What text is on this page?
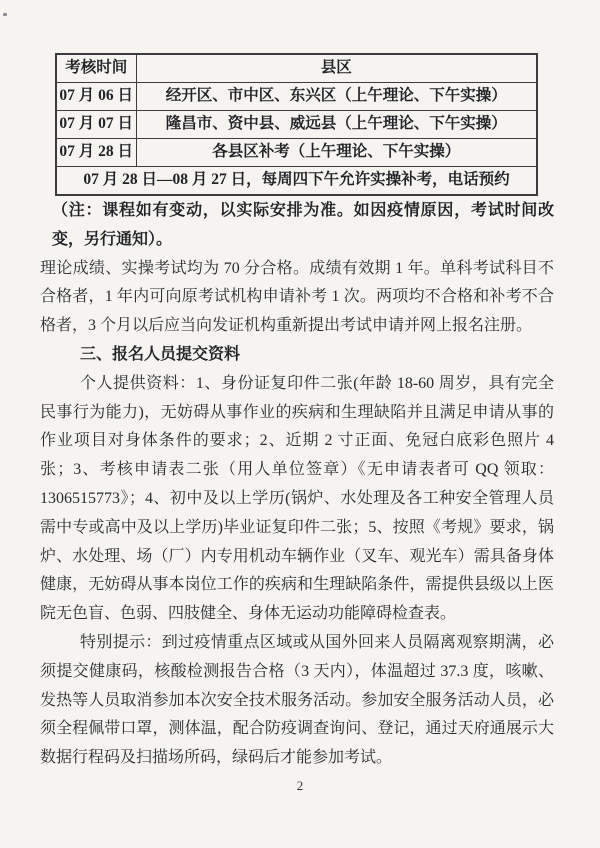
考核时间	县区
07 月 06 日	经开区、市中区、东兴区（上午理论、下午实操）
07 月 07 日	隆昌市、资中县、威远县（上午理论、下午实操）
07 月 28 日	各县区补考（上午理论、下午实操）
07 月 28 日—08 月 27 日，每周四下午允许实操补考，电话预约	

（注：课程如有变动，以实际安排为准。如因疫情原因，考试时间改变，另行通知）。

理论成绩、实操考试均为 70 分合格。成绩有效期 1 年。单科考试科目不合格者，1 年内可向原考试机构申请补考 1 次。两项均不合格和补考不合格者，3 个月以后应当向发证机构重新提出考试申请并网上报名注册。

三、报名人员提交资料

个人提供资料：1、身份证复印件二张(年龄 18-60 周岁，具有完全民事行为能力)，无妨碍从事作业的疾病和生理缺陷并且满足申请从事的作业项目对身体条件的要求；2、近期 2 寸正面、免冠白底彩色照片 4 张；3、考核申请表二张（用人单位签章）《无申请表者可 QQ 领取：1306515773》；4、初中及以上学历(锅炉、水处理及各工种安全管理人员需中专或高中及以上学历)毕业证复印件二张；5、按照《考规》要求，锅炉、水处理、场（厂）内专用机动车辆作业（叉车、观光车）需具备身体健康，无妨碍从事本岗位工作的疾病和生理缺陷条件，需提供县级以上医院无色盲、色弱、四肢健全、身体无运动功能障碍检查表。

特别提示：到过疫情重点区域或从国外回来人员隔离观察期满，必须提交健康码，核酸检测报告合格（3 天内），体温超过 37.3 度，咳嗽、发热等人员取消参加本次安全技术服务活动。参加安全服务活动人员，必须全程佩带口罩，测体温，配合防疫调查询问、登记，通过天府通展示大数据行程码及扫描场所码，绿码后才能参加考试。

2
